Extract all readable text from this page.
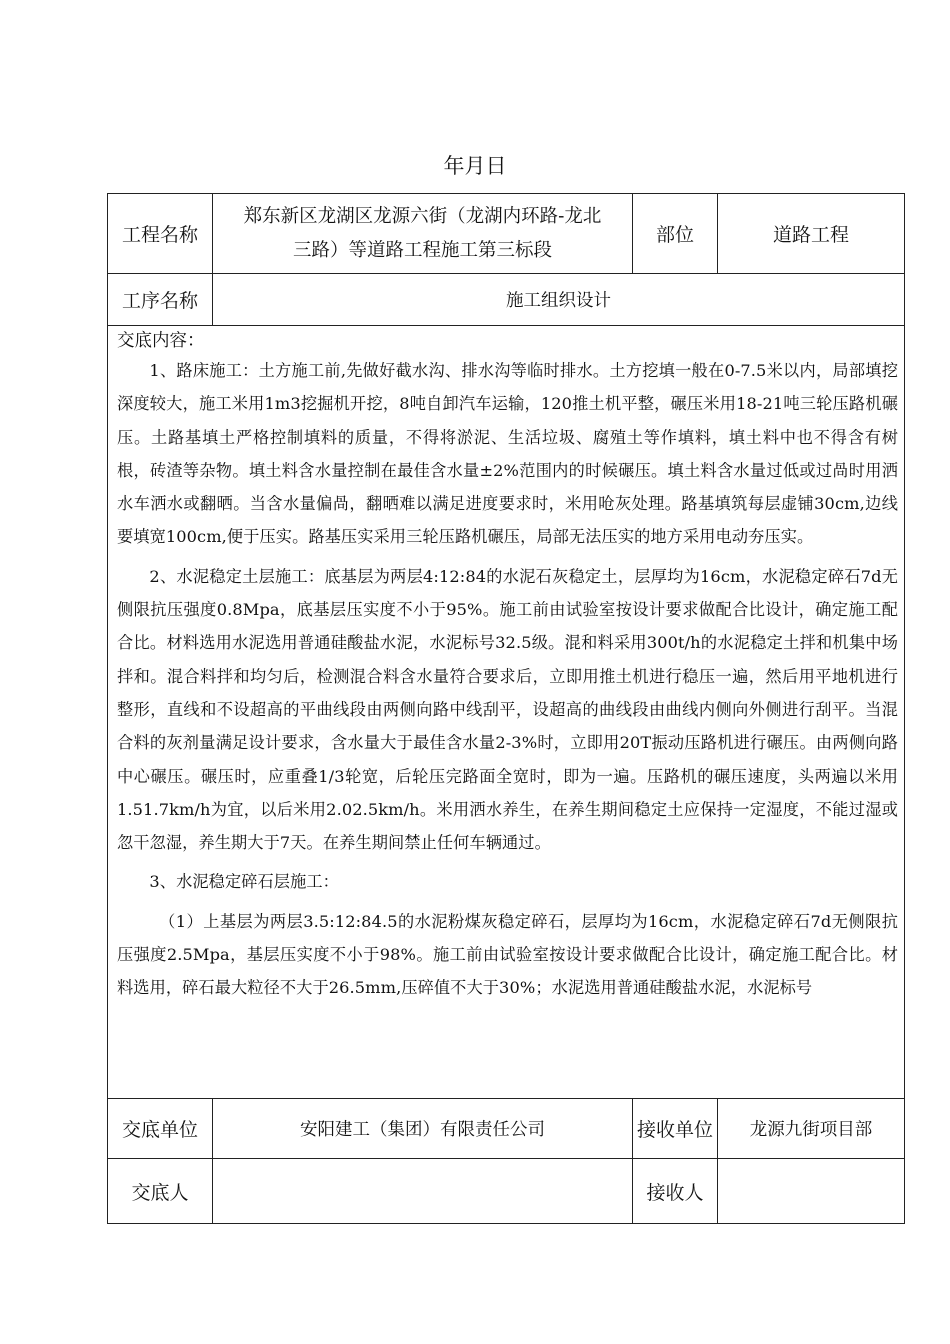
年月日
工程名称	郑东新区龙湖区龙源六街（龙湖内环路-龙北
三路）等道路工程施工第三标段	部位	道路工程
工序名称	施工组织设计		

交底内容：

1、路床施工：土方施工前,先做好截水沟、排水沟等临时排水。土方挖填一般在0-7.5米以内，局部填挖深度较大，施工米用1m3挖掘机开挖，8吨自卸汽车运输，120推土机平整，碾压米用18-21吨三轮压路机碾压。土路基填土严格控制填料的质量，不得将淤泥、生活垃圾、腐殖土等作填料，填土料中也不得含有树根，砖渣等杂物。填土料含水量控制在最佳含水量±2%范围内的时候碾压。填土料含水量过低或过咼时用洒水车洒水或翻晒。当含水量偏咼，翻晒难以满足进度要求时，米用呛灰处理。路基填筑每层虚铺30cm,边线要填宽100cm,便于压实。路基压实采用三轮压路机碾压，局部无法压实的地方采用电动夯压实。

2、水泥稳定土层施工：底基层为两层4:12:84的水泥石灰稳定土，层厚均为16cm，水泥稳定碎石7d无侧限抗压强度0.8Mpa，底基层压实度不小于95%。施工前由试验室按设计要求做配合比设计，确定施工配合比。材料选用水泥选用普通硅酸盐水泥，水泥标号32.5级。混和料采用300t/h的水泥稳定土拌和机集中场拌和。混合料拌和均匀后，检测混合料含水量符合要求后，立即用推土机进行稳压一遍，然后用平地机进行整形，直线和不设超高的平曲线段由两侧向路中线刮平，设超高的曲线段由曲线内侧向外侧进行刮平。当混合料的灰剂量满足设计要求，含水量大于最佳含水量2-3%时，立即用20T振动压路机进行碾压。由两侧向路中心碾压。碾压时，应重叠1/3轮宽，后轮压完路面全宽时，即为一遍。压路机的碾压速度，头两遍以米用1.51.7km/h为宜，以后米用2.02.5km/h。米用洒水养生，在养生期间稳定土应保持一定湿度，不能过湿或忽干忽湿，养生期大于7天。在养生期间禁止任何车辆通过。

3、水泥稳定碎石层施工：

（1）上基层为两层3.5:12:84.5的水泥粉煤灰稳定碎石，层厚均为16cm，水泥稳定碎石7d无侧限抗压强度2.5Mpa，基层压实度不小于98%。施工前由试验室按设计要求做配合比设计，确定施工配合比。材料选用，碎石最大粒径不大于26.5mm,压碎值不大于30%；水泥选用普通硅酸盐水泥，水泥标号			

交底单位	安阳建工（集团）有限责任公司	接收单位	龙源九街项目部
交底人		接收人	
